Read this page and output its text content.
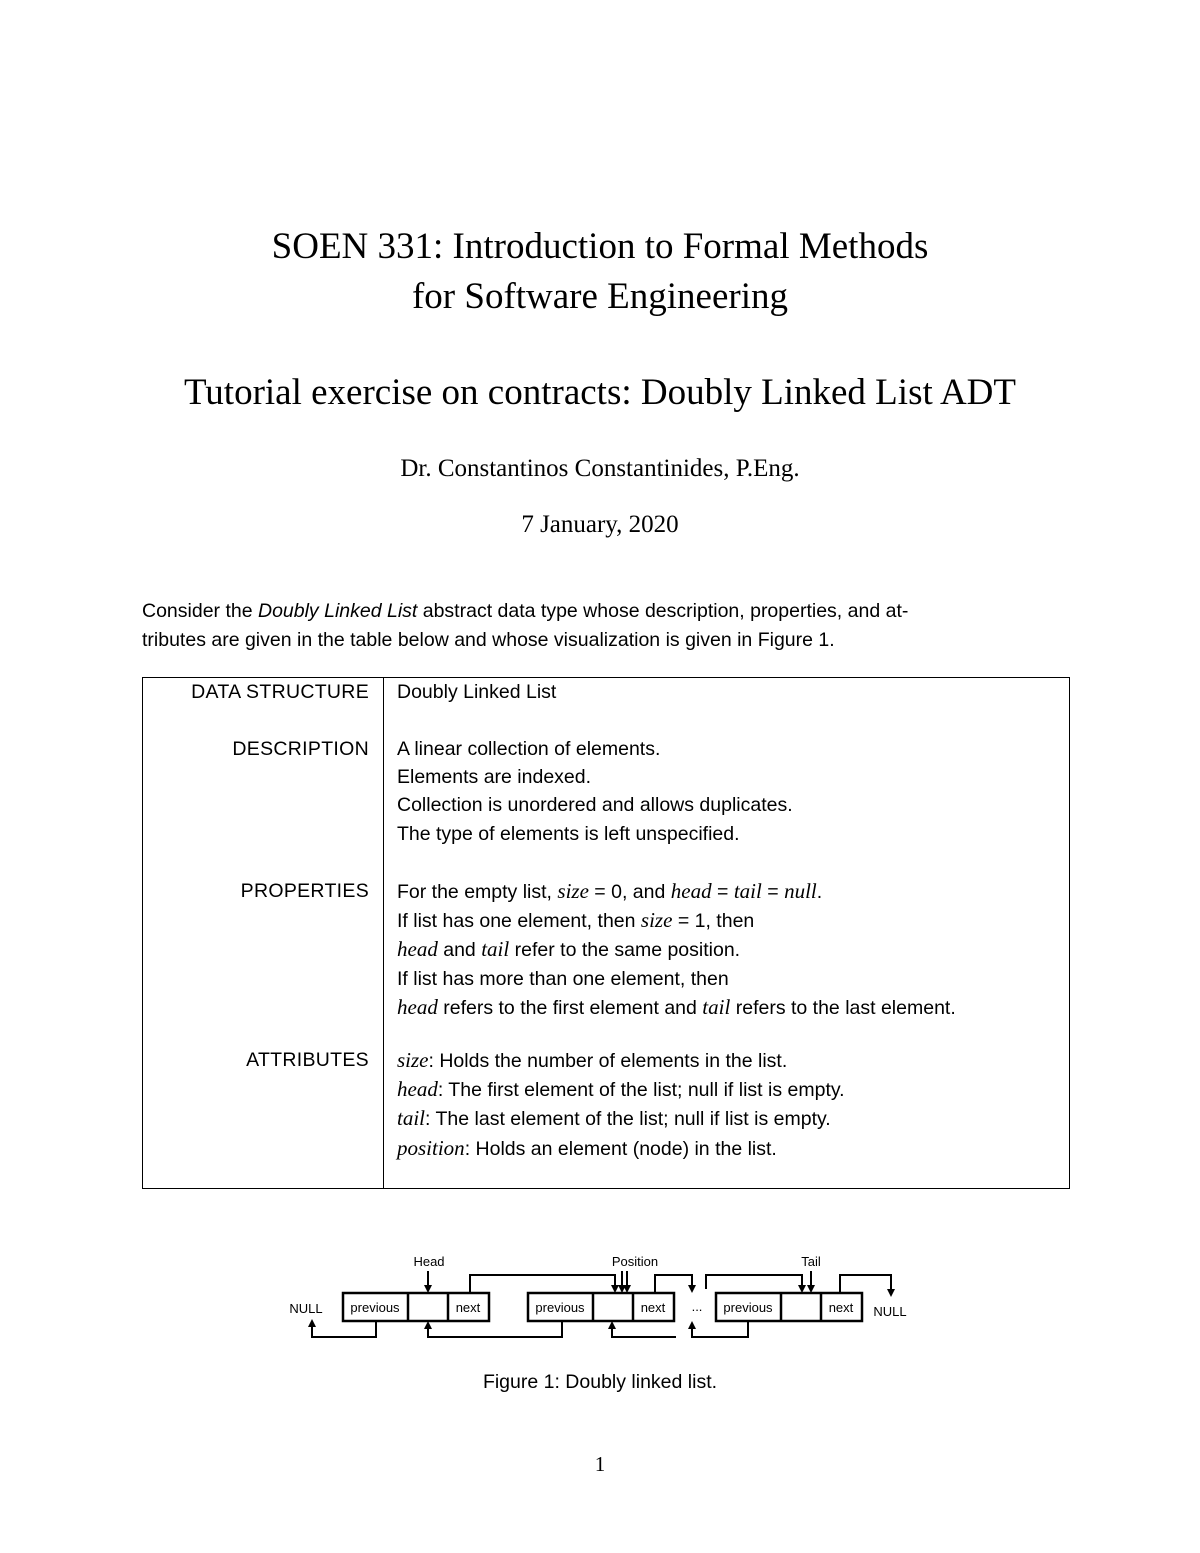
SOEN 331: Introduction to Formal Methods
for Software Engineering
Tutorial exercise on contracts: Doubly Linked List ADT
Dr. Constantinos Constantinides, P.Eng.
7 January, 2020
Consider the Doubly Linked List abstract data type whose description, properties, and at-
tributes are given in the table below and whose visualization is given in Figure 1.
DATA STRUCTURE Doubly Linked List
DESCRIPTION A linear collection of elements.
Elements are indexed.
Collection is unordered and allows duplicates.
The type of elements is left unspecified.
PROPERTIES For the empty list, size = 0, and head = tail = null.
If list has one element, then size = 1, then
head and tail refer to the same position.
If list has more than one element, then
head refers to the first element and tail refers to the last element.
ATTRIBUTES size: Holds the number of elements in the list.
head: The first element of the list; null if list is empty.
tail: The last element of the list; null if list is empty.
position: Holds an element (node) in the list.
Head	Position	Tail
NULL	NULL
...
previous	next	previous	next	previous	next
Figure 1: Doubly linked list.
1
